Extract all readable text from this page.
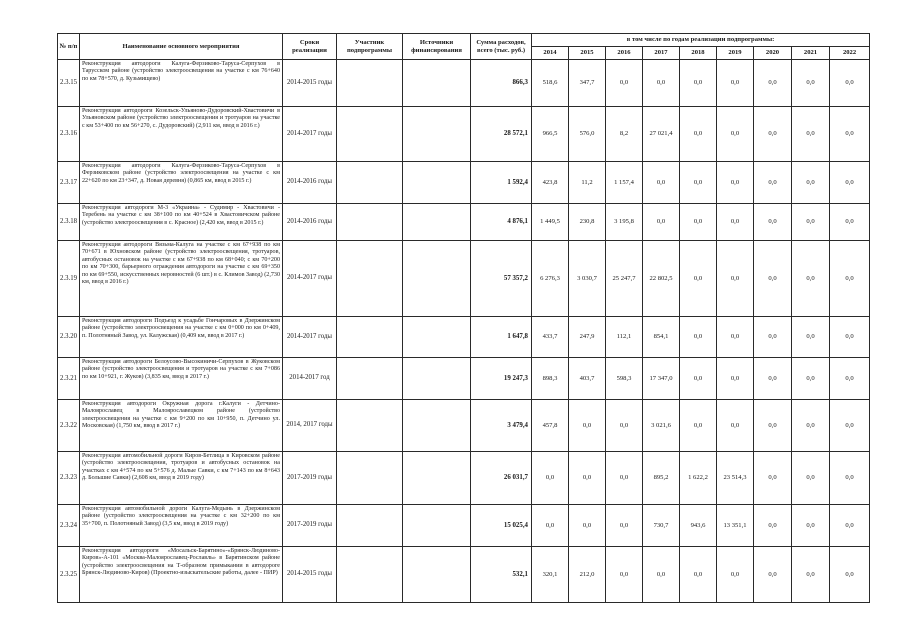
№ п/п	Наименование основного мероприятия	Сроки реализации	Участник подпрограммы	Источники финансирования	Сумма расходов, всего (тыс. руб.)	в том числе по годам реализации подпрограммы:								
						2014	2015	2016	2017	2018	2019	2020	2021	2022
2.3.15	Реконструкция автодороги Калуга-Ферзиково-Таруса-Серпухов в Тарусском районе (устройство электроосвещения на участке с км 76+640 по км 78+570, д. Кузьмищево)	2014-2015 годы			866,3	518,6	347,7	0,0	0,0	0,0	0,0	0,0	0,0	0,0
2.3.16	Реконструкция автодороги Козельск-Ульяново-Дудоровский-Хвастовичи в Ульяновском районе (устройство электроосвещения и тротуаров на участке с км 53+400 по км 56+270, с. Дудоровский) (2,911 км, ввод в 2016 г.)	2014-2017 годы			28 572,1	966,5	576,0	8,2	27 021,4	0,0	0,0	0,0	0,0	0,0
2.3.17	Реконструкция автодороги Калуга-Ферзиково-Таруса-Серпухов в Ферзиковском районе (устройство электроосвещения на участке с км 22+620 по км 23+347, д. Новая деревня) (0,865 км, ввод в 2015 г.)	2014-2016 годы			1 592,4	423,8	11,2	1 157,4	0,0	0,0	0,0	0,0	0,0	0,0
2.3.18	Реконструкция автодороги М-3 «Украина» - Судимир - Хвастовичи - Теребень на участке с км 38+100 по км 40+524 в Хвастовичском районе (устройство электроосвещения в с. Красное) (2,420 км, ввод в 2015 г.)	2014-2016 годы			4 876,1	1 449,5	230,8	3 195,8	0,0	0,0	0,0	0,0	0,0	0,0
2.3.19	Реконструкция автодороги Вязьма-Калуга на участке с км 67+938 по км 70+671 в Юхновском районе (устройство электроосвещения, тротуаров, автобусных остановок на участке с км 67+938 по км 68+040; с км 70+200 по км 70+300, барьерного ограждения автодороги на участке с км 69+350 по км 69+550, искусственных неровностей (6 шт.) в с. Климов Завод) (2,730 км, ввод в 2016 г.)	2014-2017 годы			57 357,2	6 276,3	3 030,7	25 247,7	22 802,5	0,0	0,0	0,0	0,0	0,0
2.3.20	Реконструкция автодороги Подъезд к усадьбе Гончаровых в Дзержинском районе (устройство электроосвещения на участке с км 0+000 по км 0+409, п. Полотняный Завод, ул. Калужская) (0,409 км, ввод в 2017 г.)	2014-2017 годы			1 647,8	433,7	247,9	112,1	854,1	0,0	0,0	0,0	0,0	0,0
2.3.21	Реконструкция автодороги Белоусово-Высокиничи-Серпухов в Жуковском районе (устройство электроосвещения и тротуаров на участке с км 7+086 по км 10+921, г. Жуков) (3,835 км, ввод в 2017 г.)	2014-2017 год			19 247,3	898,3	403,7	598,3	17 347,0	0,0	0,0	0,0	0,0	0,0
2.3.22	Реконструкция автодороги Окружная дорога г.Калуги - Детчино-Малоярославец в Малоярославецком районе (устройство электроосвещения на участке с км 9+200 по км 10+950, п. Детчино ул. Московская) (1,750 км, ввод в 2017 г.)	2014, 2017 годы			3 479,4	457,8	0,0	0,0	3 021,6	0,0	0,0	0,0	0,0	0,0
2.3.23	Реконструкция автомобильной дороги Киров-Бетлица в Кировском районе (устройство электроосвещения, тротуаров и автобусных остановок на участках с км 4+574 по км 5+576 д. Малые Савки, с км 7+143 по км 8+643 д. Большие Савки) (2,608 км, ввод в 2019 году)	2017-2019 годы			26 031,7	0,0	0,0	0,0	895,2	1 622,2	23 514,3	0,0	0,0	0,0
2.3.24	Реконструкция автомобильной дороги Калуга-Медынь в Дзержинском районе (устройство электроосвещения на участке с км 32+200 по км 35+700, п. Полотняный Завод) (3,5 км, ввод в 2019 году)	2017-2019 годы			15 025,4	0,0	0,0	0,0	730,7	943,6	13 351,1	0,0	0,0	0,0
2.3.25	Реконструкция автодороги «Мосальск-Барятино»-«Брянск-Людиново-Киров»-А-101 «Москва-Малоярославец-Рославль» в Барятинском районе (устройство электроосвещения на Т-образном примыкании в автодороге Брянск-Людиново-Киров) (Проектно-изыскательские работы, далее - ПИР)	2014-2015 годы			532,1	320,1	212,0	0,0	0,0	0,0	0,0	0,0	0,0	0,0
